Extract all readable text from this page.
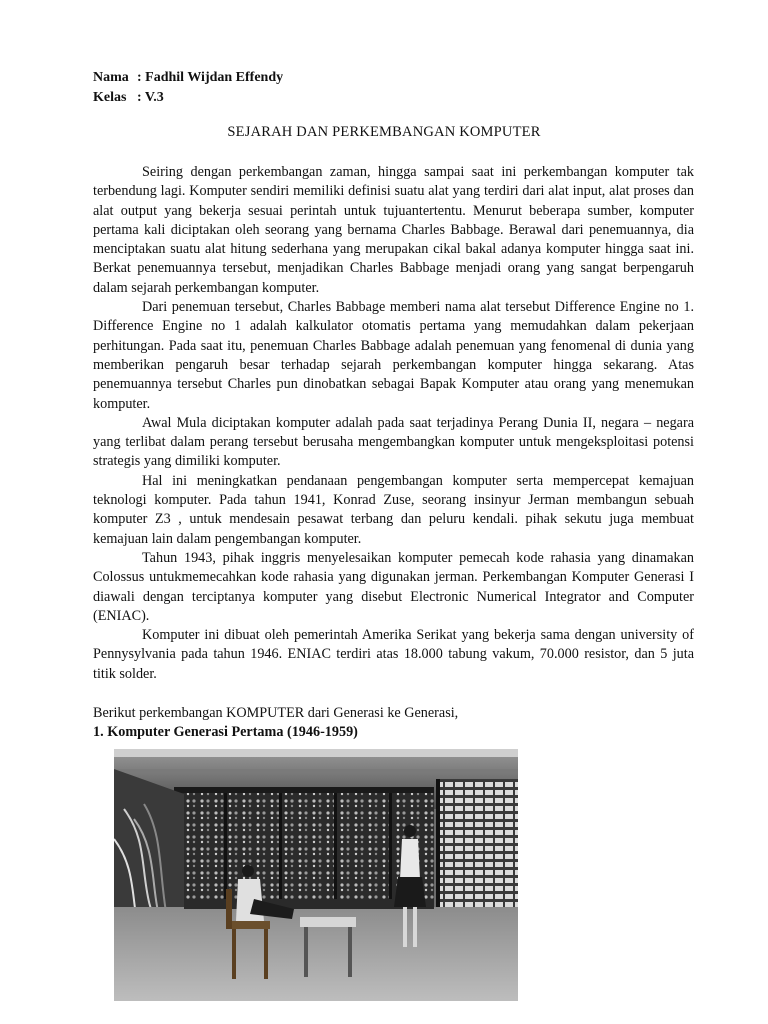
Nama : Fadhil Wijdan Effendy
Kelas : V.3
SEJARAH DAN PERKEMBANGAN KOMPUTER

Seiring dengan perkembangan zaman, hingga sampai saat ini perkembangan komputer tak terbendung lagi. Komputer sendiri memiliki definisi suatu alat yang terdiri dari alat input, alat proses dan alat output yang bekerja sesuai perintah untuk tujuantertentu. Menurut beberapa sumber, komputer pertama kali diciptakan oleh seorang yang bernama Charles Babbage. Berawal dari penemuannya, dia menciptakan suatu alat hitung sederhana yang merupakan cikal bakal adanya komputer hingga saat ini. Berkat penemuannya tersebut, menjadikan Charles Babbage menjadi orang yang sangat berpengaruh dalam sejarah perkembangan komputer.

Dari penemuan tersebut, Charles Babbage memberi nama alat tersebut Difference Engine no 1. Difference Engine no 1 adalah kalkulator otomatis pertama yang memudahkan dalam pekerjaan perhitungan. Pada saat itu, penemuan Charles Babbage adalah penemuan yang fenomenal di dunia yang memberikan pengaruh besar terhadap sejarah perkembangan komputer hingga sekarang. Atas penemuannya tersebut Charles pun dinobatkan sebagai Bapak Komputer atau orang yang menemukan komputer.

Awal Mula diciptakan komputer adalah pada saat terjadinya Perang Dunia II, negara – negara yang terlibat dalam perang tersebut berusaha mengembangkan komputer untuk mengeksploitasi potensi strategis yang dimiliki komputer.

Hal ini meningkatkan pendanaan pengembangan komputer serta mempercepat kemajuan teknologi komputer. Pada tahun 1941, Konrad Zuse, seorang insinyur Jerman membangun sebuah komputer Z3 , untuk mendesain pesawat terbang dan peluru kendali. pihak sekutu juga membuat kemajuan lain dalam pengembangan komputer.

Tahun 1943, pihak inggris menyelesaikan komputer pemecah kode rahasia yang dinamakan Colossus untukmemecahkan kode rahasia yang digunakan jerman. Perkembangan Komputer Generasi I diawali dengan terciptanya komputer yang disebut Electronic Numerical Integrator and Computer (ENIAC).

Komputer ini dibuat oleh pemerintah Amerika Serikat yang bekerja sama dengan university of Pennysylvania pada tahun 1946. ENIAC terdiri atas 18.000 tabung vakum, 70.000 resistor, dan 5 juta titik solder.

Berikut perkembangan KOMPUTER dari Generasi ke Generasi,
1. Komputer Generasi Pertama (1946-1959)
